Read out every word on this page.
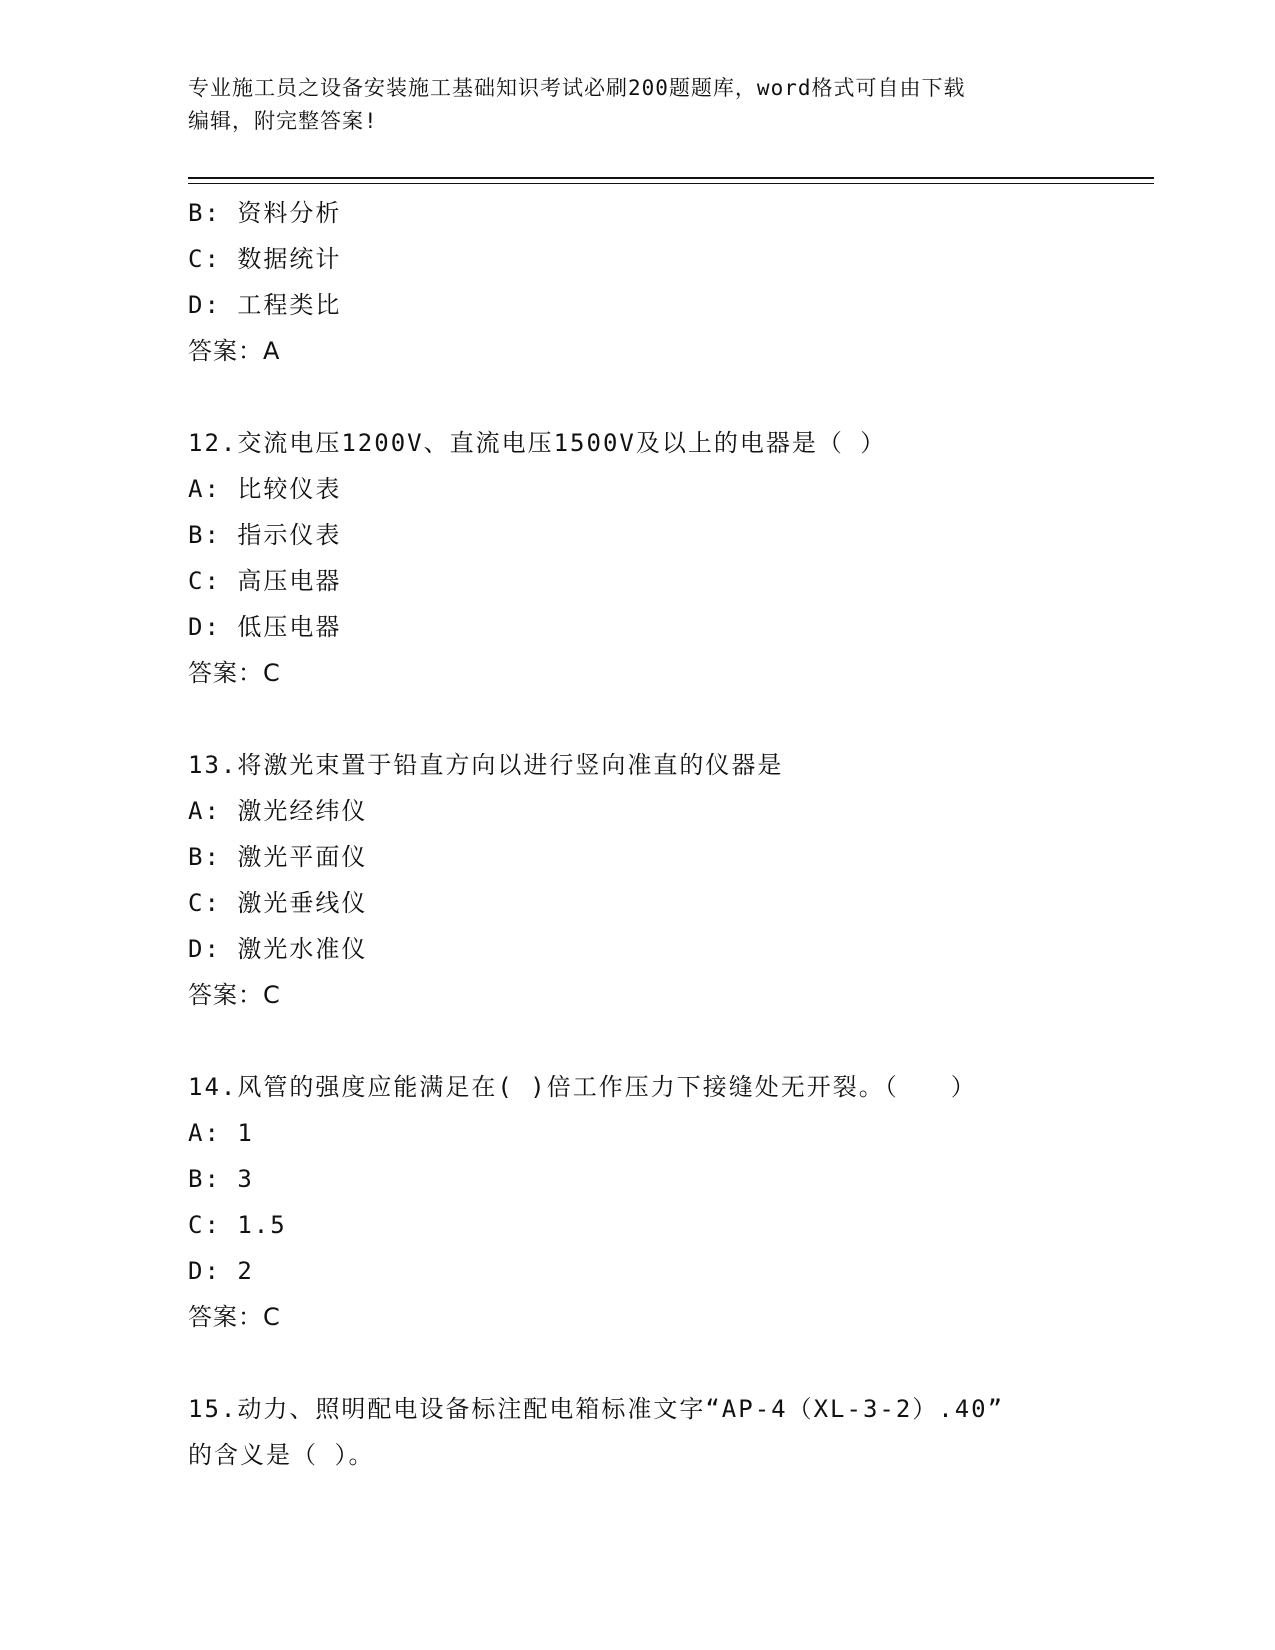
专业施工员之设备安装施工基础知识考试必刷200题题库，word格式可自由下载
编辑，附完整答案!
B: 资料分析
C: 数据统计
D: 工程类比
答案：A
12.交流电压1200V、直流电压1500V及以上的电器是（ ）
A: 比较仪表
B: 指示仪表
C: 高压电器
D: 低压电器
答案：C
13.将激光束置于铅直方向以进行竖向准直的仪器是
A: 激光经纬仪
B: 激光平面仪
C: 激光垂线仪
D: 激光水准仪
答案：C
14.风管的强度应能满足在( )倍工作压力下接缝处无开裂。（　　）
A: 1
B: 3
C: 1.5
D: 2
答案：C
15.动力、照明配电设备标注配电箱标准文字“AP-4（XL-3-2）.40”
的含义是（ ）。
